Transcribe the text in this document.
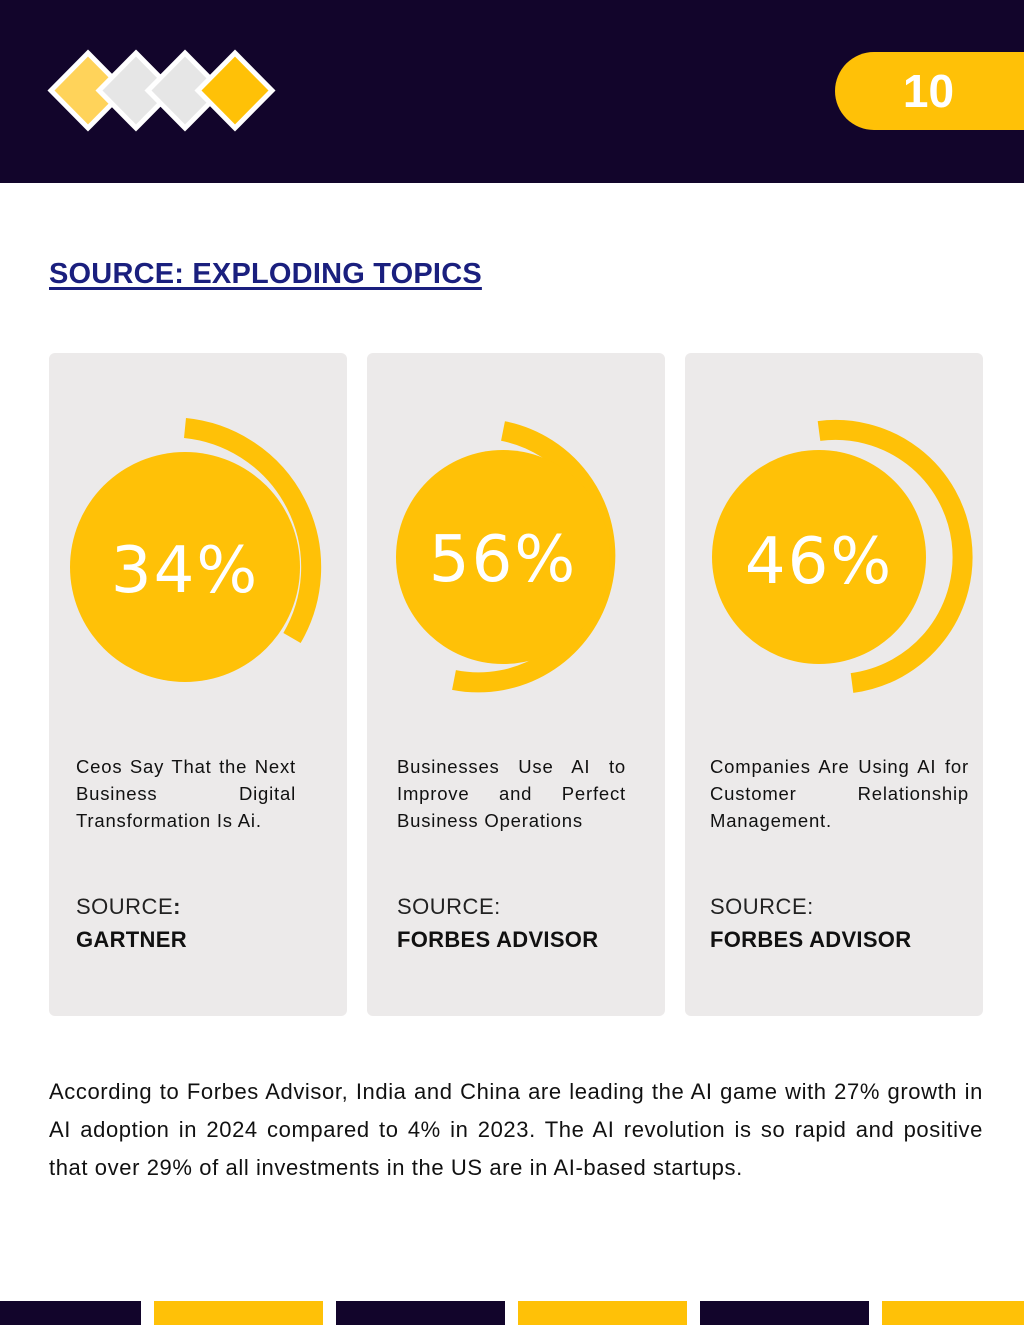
10
SOURCE: EXPLODING TOPICS
34%

Ceos Say That the Next Business Digital Transformation Is Ai.

SOURCE:
GARTNER
56%

Businesses Use AI to Improve and Perfect Business Operations

SOURCE:
FORBES ADVISOR
46%

Companies Are Using AI for Customer Relationship Management.

SOURCE:
FORBES ADVISOR

According to Forbes Advisor, India and China are leading the AI game with 27% growth in AI adoption in 2024 compared to 4% in 2023. The AI revolution is so rapid and positive that over 29% of all investments in the US are in AI-based startups.
